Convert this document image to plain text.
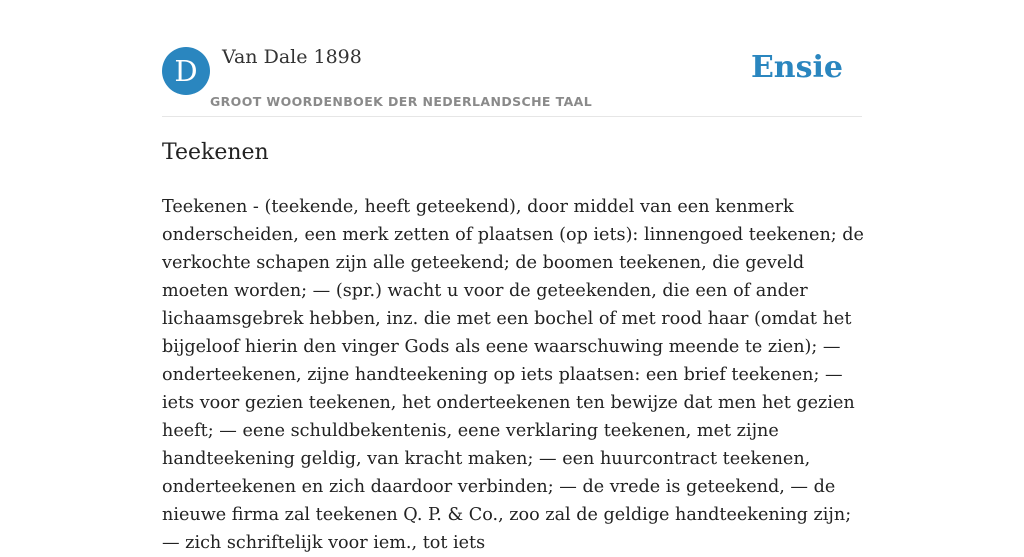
D	Van Dale 1898
GROOT WOORDENBOEK DER NEDERLANDSCHE TAAL
Ensie
Teekenen

Teekenen - (teekende, heeft geteekend), door middel van een kenmerk onderscheiden, een merk zetten of plaatsen (op iets): linnengoed teekenen; de verkochte schapen zijn alle geteekend; de boomen teekenen, die geveld moeten worden; — (spr.) wacht u voor de geteekenden, die een of ander lichaamsgebrek hebben, inz. die met een bochel of met rood haar (omdat het bijgeloof hierin den vinger Gods als eene waarschuwing meende te zien); — onderteekenen, zijne handteekening op iets plaatsen: een brief teekenen; — iets voor gezien teekenen, het onderteekenen ten bewijze dat men het gezien heeft; — eene schuldbekentenis, eene verklaring teekenen, met zijne handteekening geldig, van kracht maken; — een huurcontract teekenen, onderteekenen en zich daardoor verbinden; — de vrede is geteekend, — de nieuwe firma zal teekenen Q. P. & Co., zoo zal de geldige handteekening zijn; — zich schriftelijk voor iem., tot iets
